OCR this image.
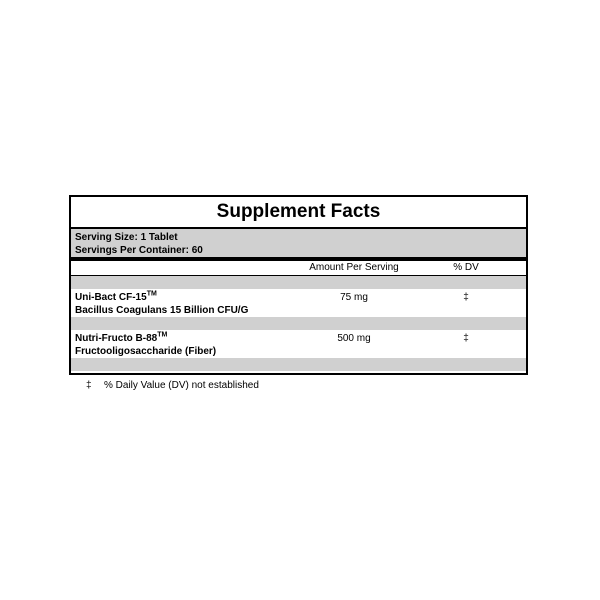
Supplement Facts
Serving Size: 1 Tablet
Servings Per Container: 60
Amount Per Serving	% DV
Uni-Bact CF-15™
Bacillus Coagulans 15 Billion CFU/G
75 mg	‡
Nutri-Fructo B-88™
Fructooligosaccharide (Fiber)
500 mg	‡
‡ % Daily Value (DV) not established
